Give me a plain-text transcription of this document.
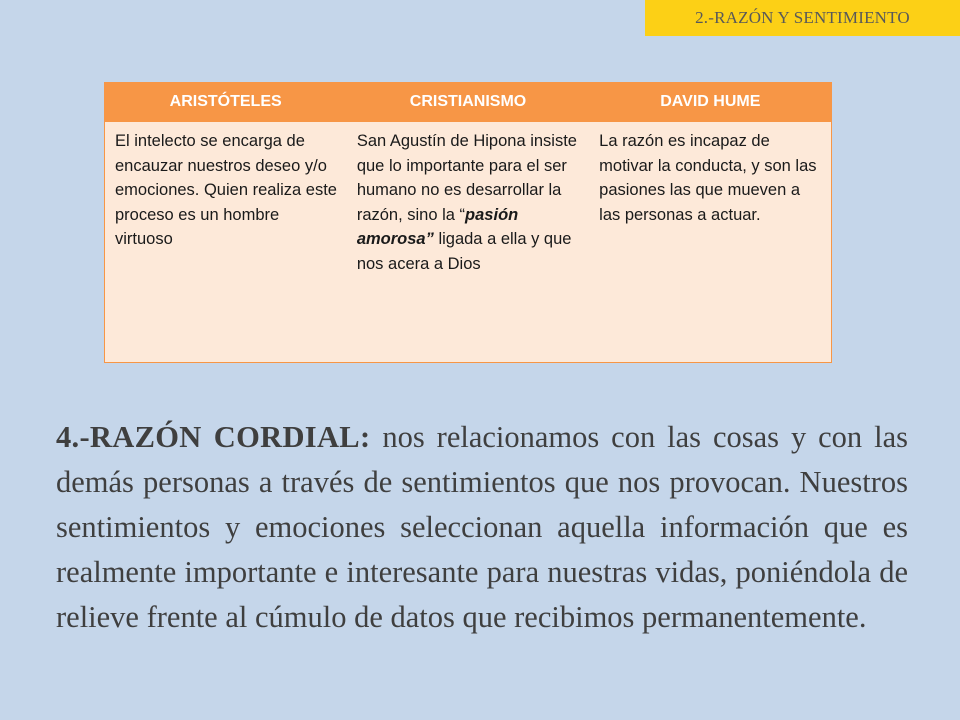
2.-RAZÓN Y SENTIMIENTO
ARISTÓTELES	CRISTIANISMO	DAVID HUME
El intelecto se encarga de encauzar nuestros deseo y/o emociones. Quien realiza este proceso es un hombre virtuoso	San Agustín de Hipona insiste que lo importante para el ser humano no es desarrollar la razón, sino la “pasión amorosa” ligada a ella y que nos acera a Dios	La razón es incapaz de motivar la conducta, y son las pasiones las que mueven a las personas a actuar.

4.-RAZÓN CORDIAL: nos relacionamos con las cosas y con las demás personas a través de sentimientos que nos provocan. Nuestros sentimientos y emociones seleccionan aquella información que es realmente importante e interesante para nuestras vidas, poniéndola de relieve frente al cúmulo de datos que recibimos permanentemente.
